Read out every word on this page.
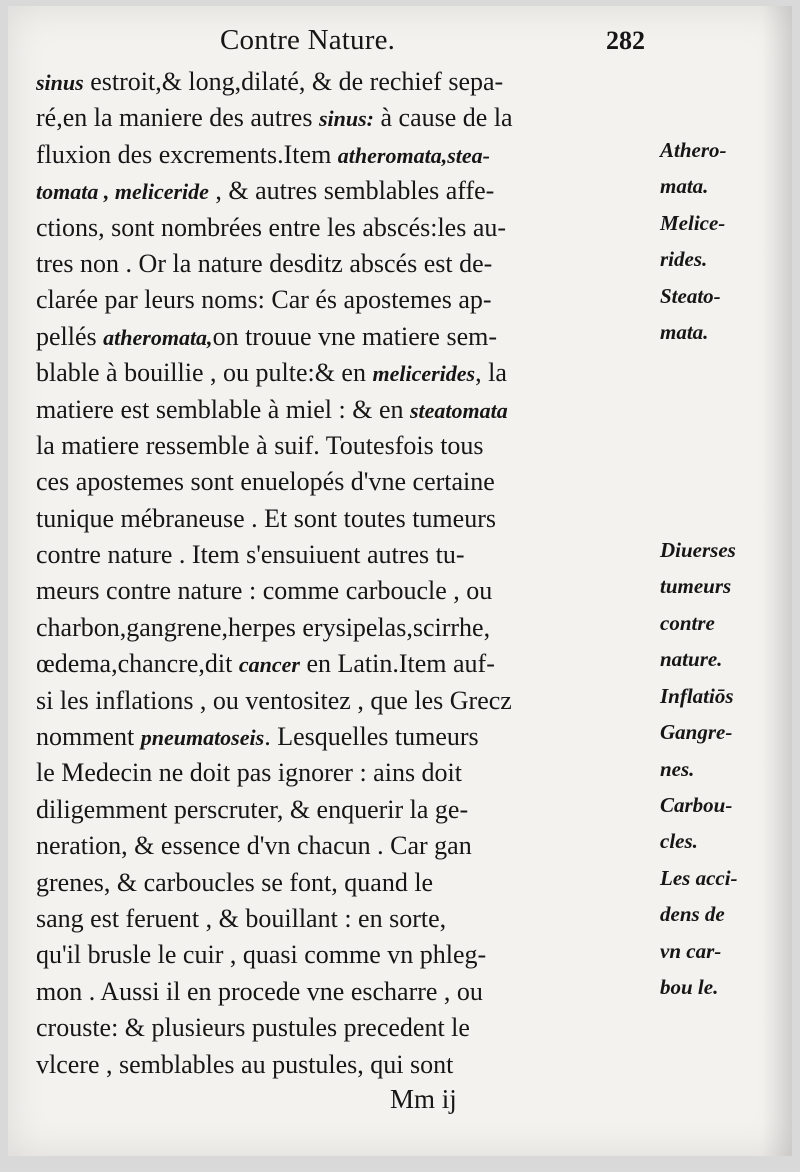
Contre Nature.	282
sinus estroit,& long,dilaté, & de rechief sepa-
ré,en la maniere des autres sinus: à cause de la
fluxion des excrements.Item atheromata,stea-
tomata , meliceride , & autres semblables affe-
ctions, sont nombrées entre les abscés:les au-
tres non . Or la nature desditz abscés est de-
clarée par leurs noms: Car és apostemes ap-
pellés atheromata,on trouue vne matiere sem-
blable à bouillie , ou pulte:& en melicerides, la
matiere est semblable à miel : & en steatomata
la matiere ressemble à suif. Toutesfois tous
ces apostemes sont enuelopés d'vne certaine
tunique mébraneuse . Et sont toutes tumeurs
contre nature . Item s'ensuiuent autres tu-
meurs contre nature : comme carboucle , ou
charbon,gangrene,herpes erysipelas,scirrhe,
œdema,chancre,dit cancer en Latin.Item auf-
si les inflations , ou ventositez , que les Grecz
nomment pneumatoseis. Lesquelles tumeurs
le Medecin ne doit pas ignorer : ains doit
diligemment perscruter, & enquerir la ge-
neration, & essence d'vn chacun . Car gan
grenes, & carboucles se font, quand le
sang est feruent , & bouillant : en sorte,
qu'il brusle le cuir , quasi comme vn phleg-
mon . Aussi il en procede vne escharre , ou
crouste: & plusieurs pustules precedent le
vlcere , semblables au pustules, qui sont
Athero-
mata.
Melice-
rides.
Steato-
mata.
Diuerses
tumeurs
contre
nature.
Inflatiōs
Gangre-
nes.
Carbou-
cles.
Les acci-
dens de
vn car-
bou le.
Mm ij
